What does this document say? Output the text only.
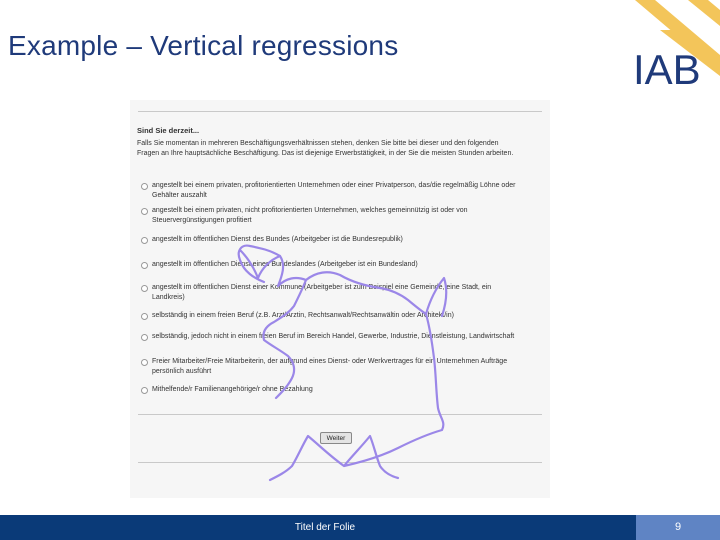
Example – Vertical regressions
IAB
Sind Sie derzeit...
Falls Sie momentan in mehreren Beschäftigungsverhältnissen stehen, denken Sie bitte bei dieser und den folgenden Fragen an Ihre hauptsächliche Beschäftigung. Das ist diejenige Erwerbstätigkeit, in der Sie die meisten Stunden arbeiten.
angestellt bei einem privaten, profitorientierten Unternehmen oder einer Privatperson, das/die regelmäßig Löhne oder Gehälter auszahlt
angestellt bei einem privaten, nicht profitorientierten Unternehmen, welches gemeinnützig ist oder von Steuervergünstigungen profitiert
angestellt im öffentlichen Dienst des Bundes (Arbeitgeber ist die Bundesrepublik)
angestellt im öffentlichen Dienst eines Bundeslandes (Arbeitgeber ist ein Bundesland)
angestellt im öffentlichen Dienst einer Kommune (Arbeitgeber ist zum Beispiel eine Gemeinde, eine Stadt, ein Landkreis)
selbständig in einem freien Beruf (z.B. Arzt/Ärztin, Rechtsanwalt/Rechtsanwältin oder Architekt/in)
selbständig, jedoch nicht in einem freien Beruf im Bereich Handel, Gewerbe, Industrie, Dienstleistung, Landwirtschaft
Freier Mitarbeiter/Freie Mitarbeiterin, der aufgrund eines Dienst- oder Werkvertrages für ein Unternehmen Aufträge persönlich ausführt
Mithelfende/r Familienangehörige/r ohne Bezahlung
Weiter
Titel der Folie	9
